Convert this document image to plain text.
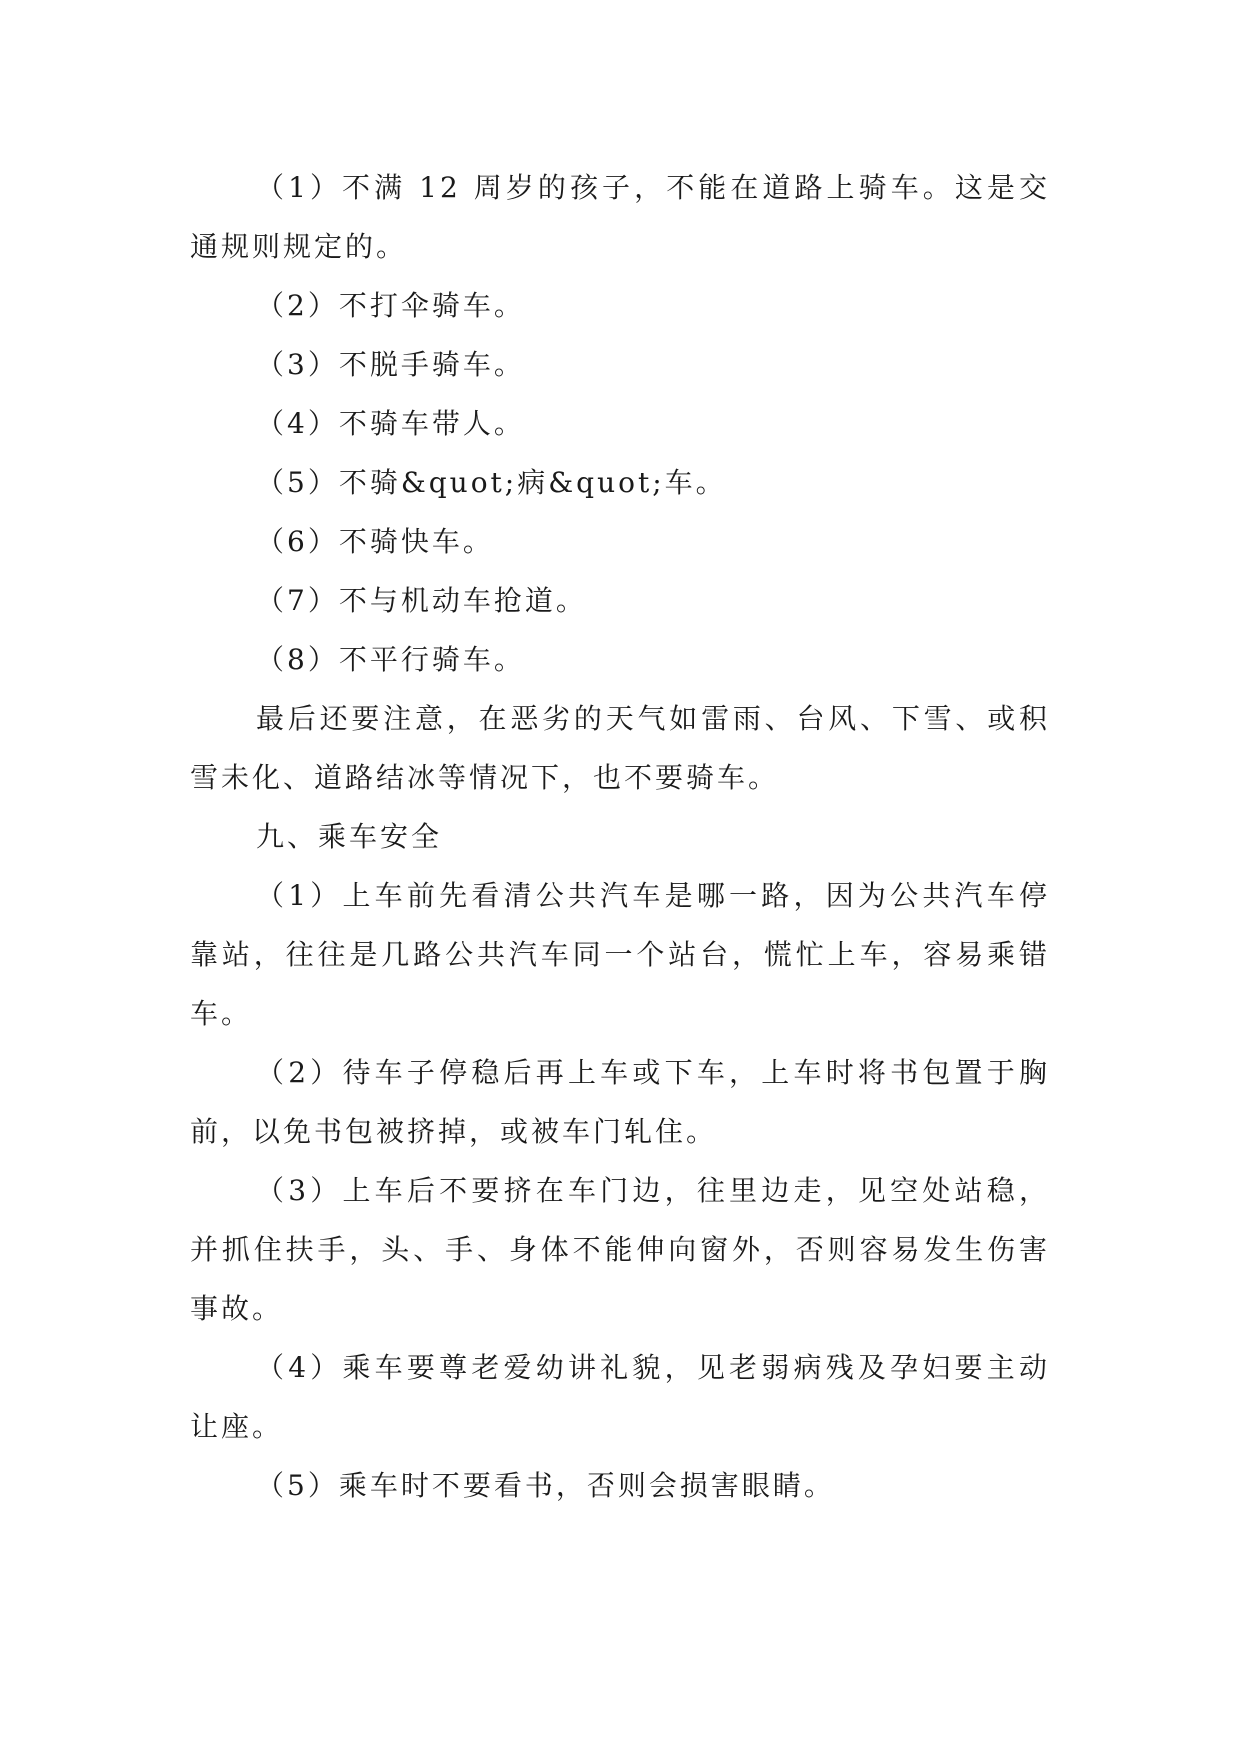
（1）不满 12 周岁的孩子，不能在道路上骑车。这是交通规则规定的。

（2）不打伞骑车。

（3）不脱手骑车。

（4）不骑车带人。

（5）不骑&quot;病&quot;车。

（6）不骑快车。

（7）不与机动车抢道。

（8）不平行骑车。

最后还要注意，在恶劣的天气如雷雨、台风、下雪、或积雪未化、道路结冰等情况下，也不要骑车。

九、乘车安全

（1）上车前先看清公共汽车是哪一路，因为公共汽车停靠站，往往是几路公共汽车同一个站台，慌忙上车，容易乘错车。

（2）待车子停稳后再上车或下车，上车时将书包置于胸前，以免书包被挤掉，或被车门轧住。

（3）上车后不要挤在车门边，往里边走，见空处站稳，并抓住扶手，头、手、身体不能伸向窗外，否则容易发生伤害事故。

（4）乘车要尊老爱幼讲礼貌，见老弱病残及孕妇要主动让座。

（5）乘车时不要看书，否则会损害眼睛。
